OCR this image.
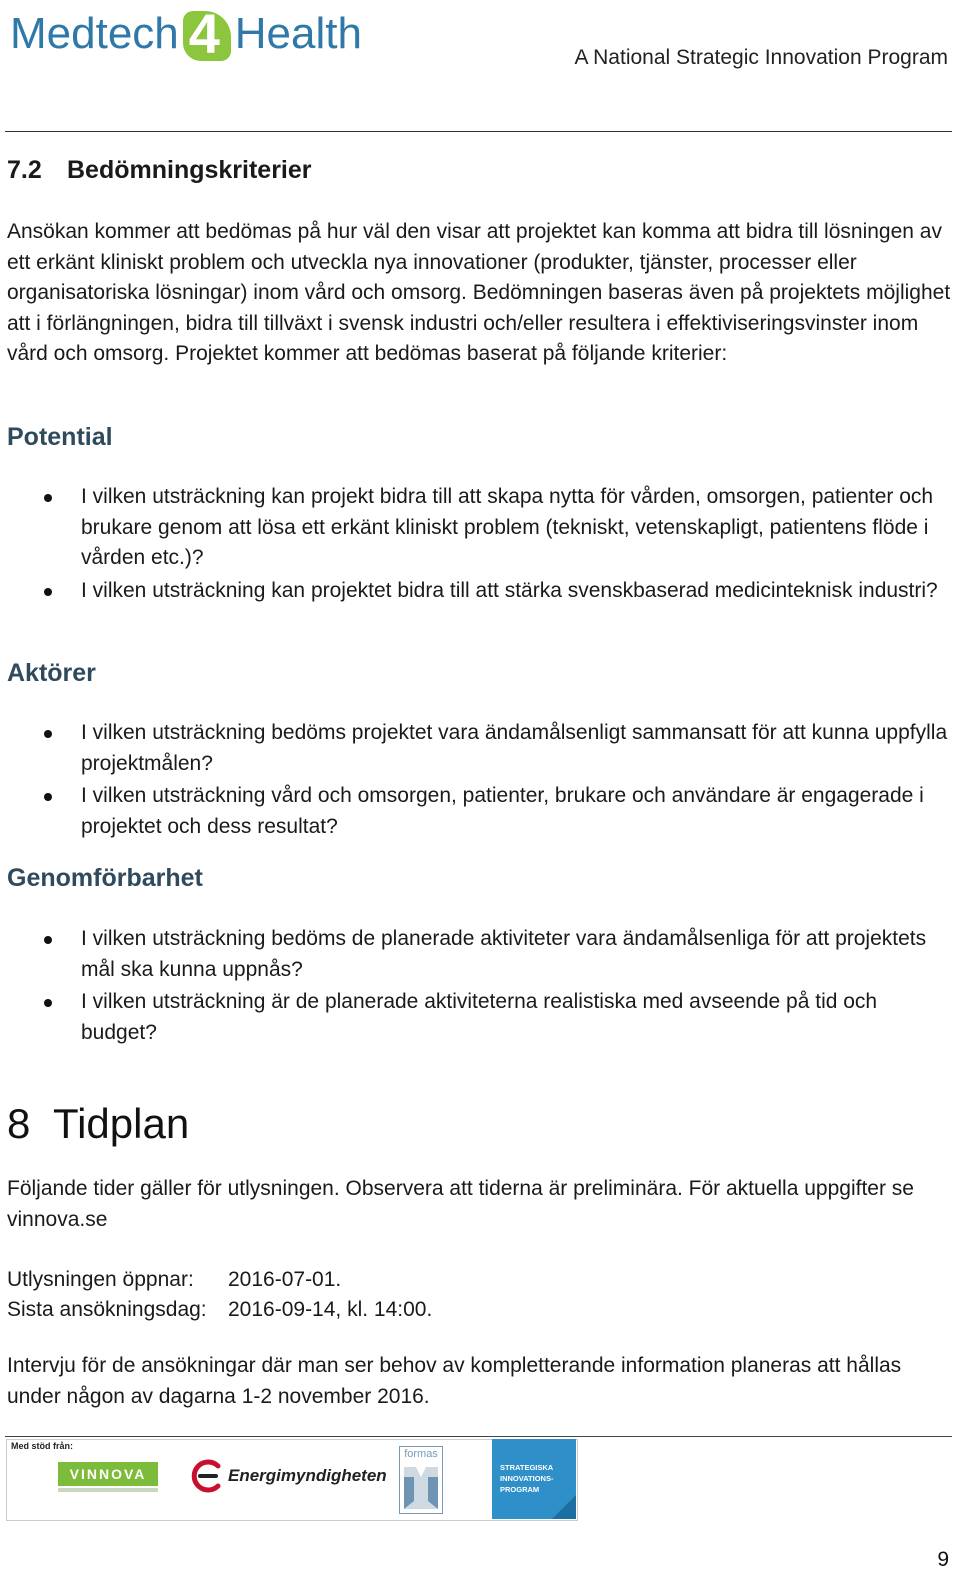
Medtech 4 Health	A National Strategic Innovation Program
7.2 Bedömningskriterier

Ansökan kommer att bedömas på hur väl den visar att projektet kan komma att bidra till lösningen av ett erkänt kliniskt problem och utveckla nya innovationer (produkter, tjänster, processer eller organisatoriska lösningar) inom vård och omsorg. Bedömningen baseras även på projektets möjlighet att i förlängningen, bidra till tillväxt i svensk industri och/eller resultera i effektiviseringsvinster inom vård och omsorg. Projektet kommer att bedömas baserat på följande kriterier:

Potential
I vilken utsträckning kan projekt bidra till att skapa nytta för vården, omsorgen, patienter och brukare genom att lösa ett erkänt kliniskt problem (tekniskt, vetenskapligt, patientens flöde i vården etc.)?
I vilken utsträckning kan projektet bidra till att stärka svenskbaserad medicinteknisk industri?
Aktörer
I vilken utsträckning bedöms projektet vara ändamålsenligt sammansatt för att kunna uppfylla projektmålen?
I vilken utsträckning vård och omsorgen, patienter, brukare och användare är engagerade i projektet och dess resultat?
Genomförbarhet
I vilken utsträckning bedöms de planerade aktiviteter vara ändamålsenliga för att projektets mål ska kunna uppnås?
I vilken utsträckning är de planerade aktiviteterna realistiska med avseende på tid och budget?
8 Tidplan

Följande tider gäller för utlysningen. Observera att tiderna är preliminära. För aktuella uppgifter se vinnova.se

Utlysningen öppnar: 2016-07-01.
Sista ansökningsdag: 2016-09-14, kl. 14:00.

Intervju för de ansökningar där man ser behov av kompletterande information planeras att hållas under någon av dagarna 1-2 november 2016.

Med stöd från:
VINNOVA	Energimyndigheten
formas
STRATEGISKA INNOVATIONS- PROGRAM
9
